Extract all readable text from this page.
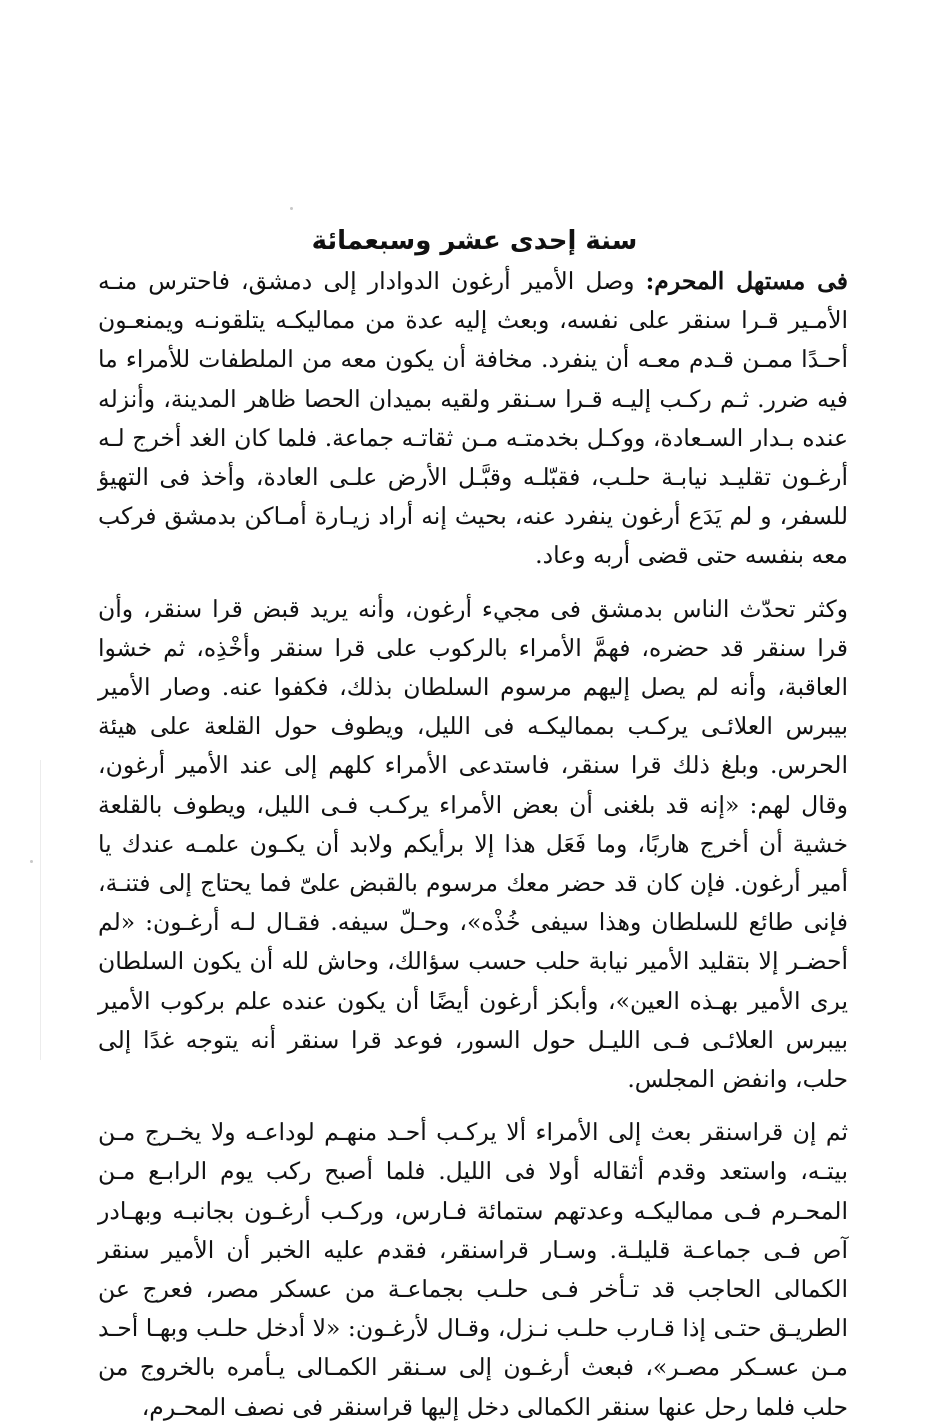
سنة إحدى عشر وسبعمائة

فى مستهل المحرم: وصل الأمير أرغون الدوادار إلى دمشق، فاحترس منـه الأمـير قـرا سنقر على نفسه، وبعث إليه عدة من مماليكـه يتلقونـه ويمنعـون أحـدًا ممـن قـدم معـه أن ينفرد. مخافة أن يكون معه من الملطفات للأمراء ما فيه ضرر. ثـم ركـب إليـه قـرا سـنقر ولقيه بميدان الحصا ظاهر المدينة، وأنزله عنده بـدار السـعادة، ووكـل بخدمتـه مـن ثقاتـه جماعة. فلما كان الغد أخرج لـه أرغـون تقليـد نيابـة حلـب، فقبّلـه وقبَّـل الأرض علـى العادة، وأخذ فى التهيؤ للسفر، و لم يَدَع أرغون ينفرد عنه، بحيث إنه أراد زيـارة أمـاكن بدمشق فركب معه بنفسه حتى قضى أربه وعاد.

وكثر تحدّث الناس بدمشق فى مجيء أرغون، وأنه يريد قبض قرا سنقر، وأن قرا سنقر قد حضره، فهمَّ الأمراء بالركوب على قرا سنقر وأخْذِه، ثم خشوا العاقبة، وأنه لم يصل إليهم مرسوم السلطان بذلك، فكفوا عنه. وصار الأمير بيبرس العلائـى يركـب بمماليكـه فى الليل، ويطوف حول القلعة على هيئة الحرس. وبلغ ذلك قرا سنقر، فاستدعى الأمراء كلهم إلى عند الأمير أرغون، وقال لهم: «إنه قد بلغنى أن بعض الأمراء يركـب فـى الليل، ويطوف بالقلعة خشية أن أخرج هاربًا، وما فَعَل هذا إلا برأيكم ولابد أن يكـون علمـه عندك يا أمير أرغون. فإن كان قد حضر معك مرسوم بالقبض علىّ فما يحتاج إلى فتنـة، فإنى طائع للسلطان وهذا سيفى خُذْه»، وحـلّ سيفه. فقـال لـه أرغـون: «لم أحضـر إلا بتقليد الأمير نيابة حلب حسب سؤالك، وحاش لله أن يكون السلطان يرى الأمير بهـذه العين»، وأبكز أرغون أيضًا أن يكون عنده علم بركوب الأمير بيبرس العلائـى فـى الليـل حول السور، فوعد قرا سنقر أنه يتوجه غدًا إلى حلب، وانفض المجلس.

ثم إن قراسنقر بعث إلى الأمراء ألا يركـب أحـد منهـم لوداعـه ولا يخـرج مـن بيتـه، واستعد وقدم أثقاله أولا فى الليل. فلما أصبح ركب يوم الرابـع مـن المحـرم فـى مماليكـه وعدتهم ستمائة فـارس، وركـب أرغـون بجانبـه وبهـادر آص فـى جماعـة قليلـة. وسـار قراسنقر، فقدم عليه الخبر أن الأمير سنقر الكمالى الحاجب قد تـأخر فـى حلـب بجماعـة من عسكر مصر، فعرج عن الطريـق حتـى إذا قـارب حلـب نـزل، وقـال لأرغـون: «لا أدخل حلـب وبهـا أحـد مـن عسـكر مصـر»، فبعث أرغـون إلى سـنقر الكمـالى يـأمره بالخروج من حلب فلما رحل عنها سنقر الكمالى دخل إليها قراسنقر فى نصف المحـرم،
